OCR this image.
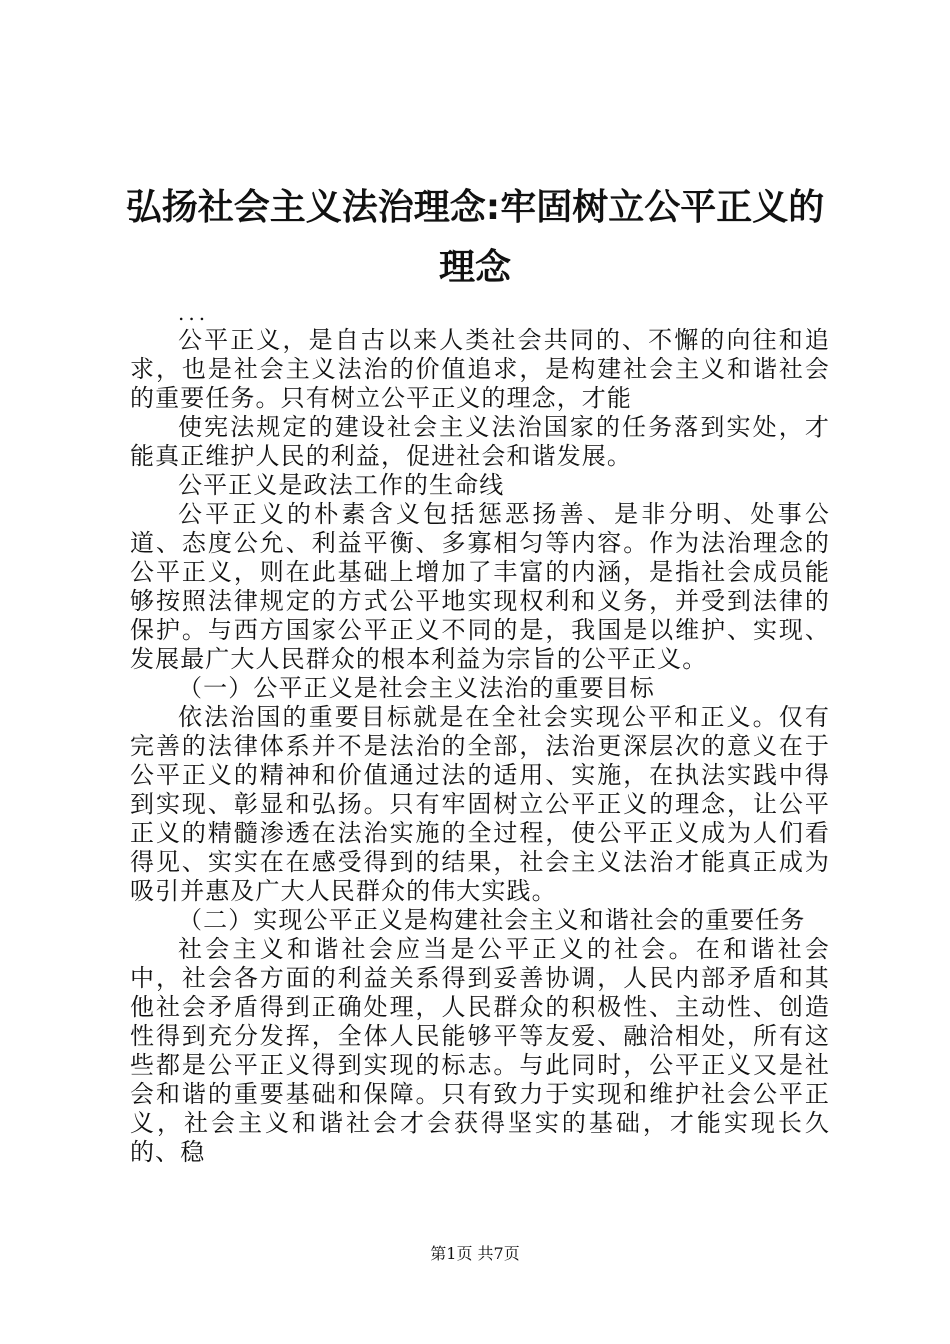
弘扬社会主义法治理念:牢固树立公平正义的
理念
...

公平正义，是自古以来人类社会共同的、不懈的向往和追求，也是社会主义法治的价值追求，是构建社会主义和谐社会的重要任务。只有树立公平正义的理念，才能

使宪法规定的建设社会主义法治国家的任务落到实处，才能真正维护人民的利益，促进社会和谐发展。

公平正义是政法工作的生命线

公平正义的朴素含义包括惩恶扬善、是非分明、处事公道、态度公允、利益平衡、多寡相匀等内容。作为法治理念的公平正义，则在此基础上增加了丰富的内涵，是指社会成员能够按照法律规定的方式公平地实现权利和义务，并受到法律的保护。与西方国家公平正义不同的是，我国是以维护、实现、发展最广大人民群众的根本利益为宗旨的公平正义。

（一）公平正义是社会主义法治的重要目标

依法治国的重要目标就是在全社会实现公平和正义。仅有完善的法律体系并不是法治的全部，法治更深层次的意义在于公平正义的精神和价值通过法的适用、实施，在执法实践中得到实现、彰显和弘扬。只有牢固树立公平正义的理念，让公平正义的精髓渗透在法治实施的全过程，使公平正义成为人们看得见、实实在在感受得到的结果，社会主义法治才能真正成为吸引并惠及广大人民群众的伟大实践。

（二）实现公平正义是构建社会主义和谐社会的重要任务

社会主义和谐社会应当是公平正义的社会。在和谐社会中，社会各方面的利益关系得到妥善协调，人民内部矛盾和其他社会矛盾得到正确处理，人民群众的积极性、主动性、创造性得到充分发挥，全体人民能够平等友爱、融洽相处，所有这些都是公平正义得到实现的标志。与此同时，公平正义又是社会和谐的重要基础和保障。只有致力于实现和维护社会公平正义，社会主义和谐社会才会获得坚实的基础，才能实现长久的、稳

第1页 共7页
